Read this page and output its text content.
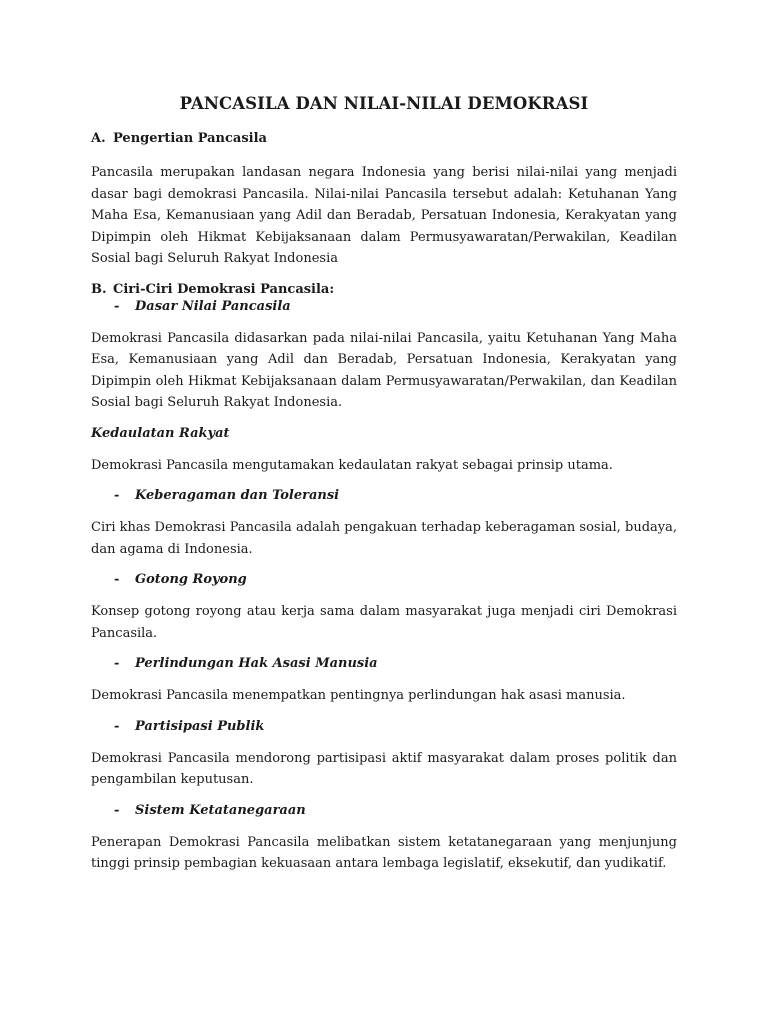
PANCASILA DAN NILAI-NILAI DEMOKRASI
A. Pengertian Pancasila

Pancasila merupakan landasan negara Indonesia yang berisi nilai-nilai yang menjadi dasar bagi demokrasi Pancasila. Nilai-nilai Pancasila tersebut adalah: Ketuhanan Yang Maha Esa, Kemanusiaan yang Adil dan Beradab, Persatuan Indonesia, Kerakyatan yang Dipimpin oleh Hikmat Kebijaksanaan dalam Permusyawaratan/Perwakilan, Keadilan Sosial bagi Seluruh Rakyat Indonesia

B. Ciri-Ciri Demokrasi Pancasila:
-	Dasar Nilai Pancasila

Demokrasi Pancasila didasarkan pada nilai-nilai Pancasila, yaitu Ketuhanan Yang Maha Esa, Kemanusiaan yang Adil dan Beradab, Persatuan Indonesia, Kerakyatan yang Dipimpin oleh Hikmat Kebijaksanaan dalam Permusyawaratan/Perwakilan, dan Keadilan Sosial bagi Seluruh Rakyat Indonesia.

Kedaulatan Rakyat

Demokrasi Pancasila mengutamakan kedaulatan rakyat sebagai prinsip utama.

-	Keberagaman dan Toleransi

Ciri khas Demokrasi Pancasila adalah pengakuan terhadap keberagaman sosial, budaya, dan agama di Indonesia.

-	Gotong Royong

Konsep gotong royong atau kerja sama dalam masyarakat juga menjadi ciri Demokrasi Pancasila.

-	Perlindungan Hak Asasi Manusia

Demokrasi Pancasila menempatkan pentingnya perlindungan hak asasi manusia.

-	Partisipasi Publik

Demokrasi Pancasila mendorong partisipasi aktif masyarakat dalam proses politik dan pengambilan keputusan.

-	Sistem Ketatanegaraan

Penerapan Demokrasi Pancasila melibatkan sistem ketatanegaraan yang menjunjung tinggi prinsip pembagian kekuasaan antara lembaga legislatif, eksekutif, dan yudikatif.
